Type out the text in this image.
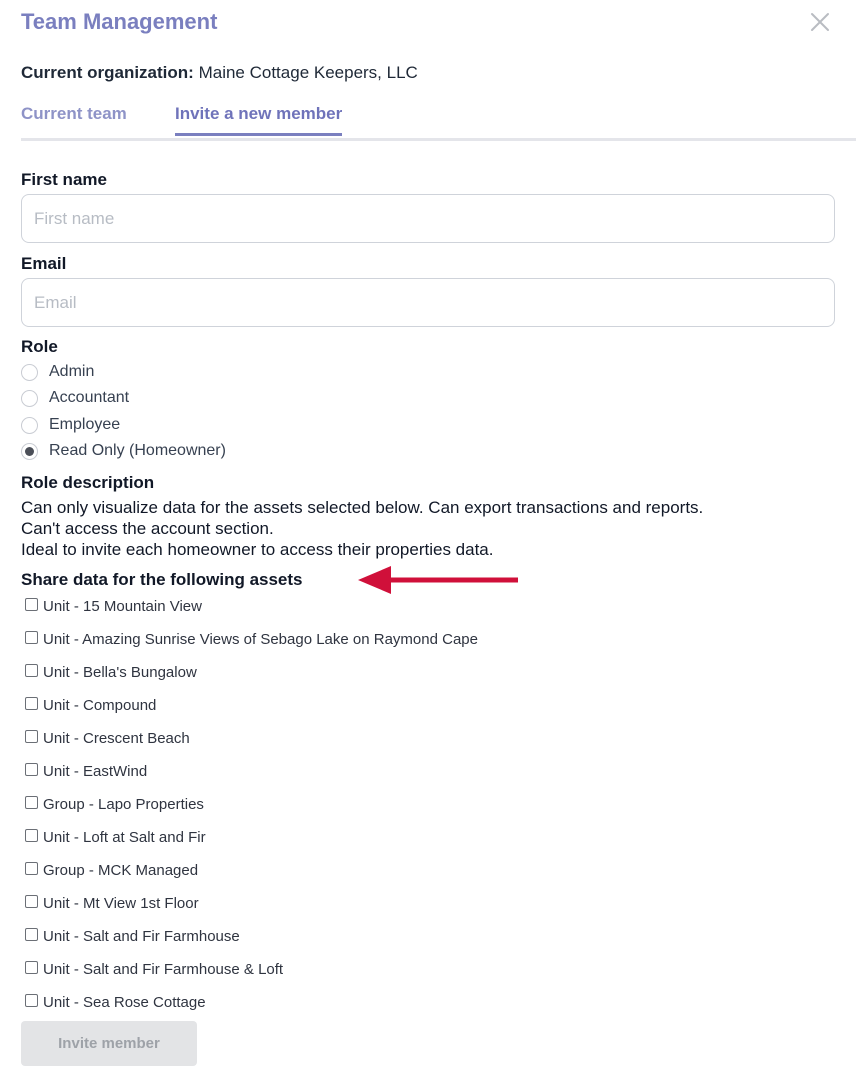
Team Management
Current organization: Maine Cottage Keepers, LLC
Current team	Invite a new member
First name
First name
Email
Email
Role
Admin
Accountant
Employee
Read Only (Homeowner)
Role description
Can only visualize data for the assets selected below. Can export transactions and reports.
Can't access the account section.
Ideal to invite each homeowner to access their properties data.
Share data for the following assets
Unit - 15 Mountain View
Unit - Amazing Sunrise Views of Sebago Lake on Raymond Cape
Unit - Bella's Bungalow
Unit - Compound
Unit - Crescent Beach
Unit - EastWind
Group - Lapo Properties
Unit - Loft at Salt and Fir
Group - MCK Managed
Unit - Mt View 1st Floor
Unit - Salt and Fir Farmhouse
Unit - Salt and Fir Farmhouse & Loft
Unit - Sea Rose Cottage
Invite member
